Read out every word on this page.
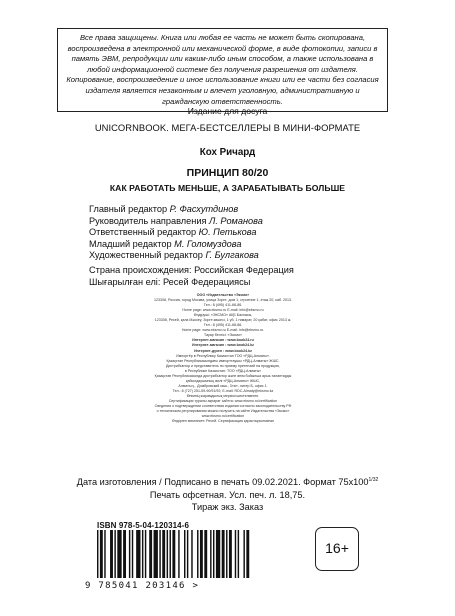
Все права защищены. Книга или любая ее часть не может быть скопирована, воспроизведена в электронной или механической форме, в виде фотокопии, записи в память ЭВМ, репродукции или каким-либо иным способом, а также использована в любой информационной системе без получения разрешения от издателя. Копирование, воспроизведение и иное использование книги или ее части без согласия издателя является незаконным и влечет уголовную, административную и гражданскую ответственность.
Издание для досуга
UNICORNBOOK. МЕГА-БЕСТСЕЛЛЕРЫ В МИНИ-ФОРМАТЕ
Кох Ричард
ПРИНЦИП 80/20
КАК РАБОТАТЬ МЕНЬШЕ, А ЗАРАБАТЫВАТЬ БОЛЬШЕ
Главный редактор Р. Фасхутдинов
Руководитель направления Л. Романова
Ответственный редактор Ю. Петькова
Младший редактор М. Голомуздова
Художественный редактор Г. Булгакова
Страна происхождения: Российская Федерация
Шығарылған елі: Ресей Федерациясы
ООО «Издательство «Эксмо»
123308, Россия, город Москва, улица Зорге, дом 1, строение 1, этаж 20, каб. 2013.
Тел.: 8 (495) 411-68-86.
Home page: www.eksmo.ru E-mail: info@eksmo.ru
Өндіруші: «ЭКСМО» АҚБ Баспасы,
123308, Ресей, қала Мәскеу, Зорге көшесі, 1 үй, 1 ғимарат, 20 қабат, офис 2013 ж.
Тел.: 8 (495) 411-68-86.
Home page: www.eksmo.ru E-mail: info@eksmo.ru.
Тауар белгісі: «Эксмо»
Интернет-магазин : www.book24.ru
Интернет-магазин : www.book24.kz
Интернет-дүкен : www.book24.kz
Импортёр в Республику Казахстан ТОО «РДЦ-Алматы».
Қазақстан Республикасындағы импорттаушы «РДЦ-Алматы» ЖШС.
Дистрибьютор и представитель по приему претензий на продукцию,
в Республике Казахстан: ТОО «РДЦ-Алматы»
Қазақстан Республикасында дистрибьютор және өнім бойынша арыз-талаптарды
қабылдаушының өкілі «РДЦ-Алматы» ЖШС,
Алматы қ., Домбровский көш., 3«а», литер Б, офис 1.
Тел.: 8 (727) 251-59-90/91/92; E-mail: RDC-Almaty@eksmo.kz
Өнімнің жарамдылық мерзімі шектелмеген.
Сертификация туралы ақпарат сайтта: www.eksmo.ru/certification
Сведения о подтверждении соответствия издания согласно законодательству РФ
о техническом регулировании можно получить на сайте Издательства «Эксмо»
www.eksmo.ru/certification
Өндірген мемлекет: Ресей. Сертификация қарастырылмаған
Дата изготовления / Подписано в печать 09.02.2021. Формат $75х100^{1/32}$
Печать офсетная. Усл. печ. л. 18,75.
Тираж экз. Заказ
ISBN 978-5-04-120314-6
9 785041 203146 >
16+
